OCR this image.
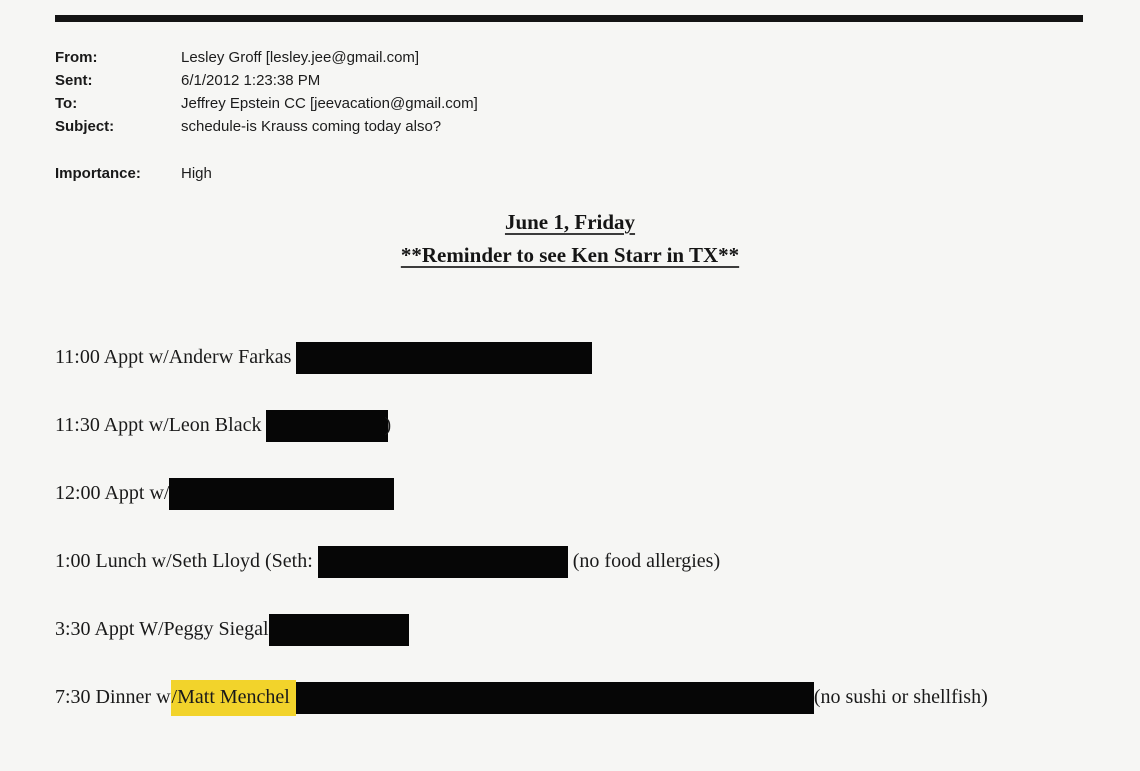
From:	Lesley Groff [lesley.jee@gmail.com]
Sent:	6/1/2012 1:23:38 PM
To:	Jeffrey Epstein CC [jeevacation@gmail.com]
Subject:	schedule-is Krauss coming today also?
Importance:	High
June 1, Friday
**Reminder to see Ken Starr in TX**
11:00 Appt w/Anderw Farkas
11:30 Appt w/Leon Black	)
12:00 Appt w/
1:00 Lunch w/Seth Lloyd (Seth:	(no food allergies)
3:30 Appt W/Peggy Siegal
7:30 Dinner w/Matt Menchel	(no sushi or shellfish)
